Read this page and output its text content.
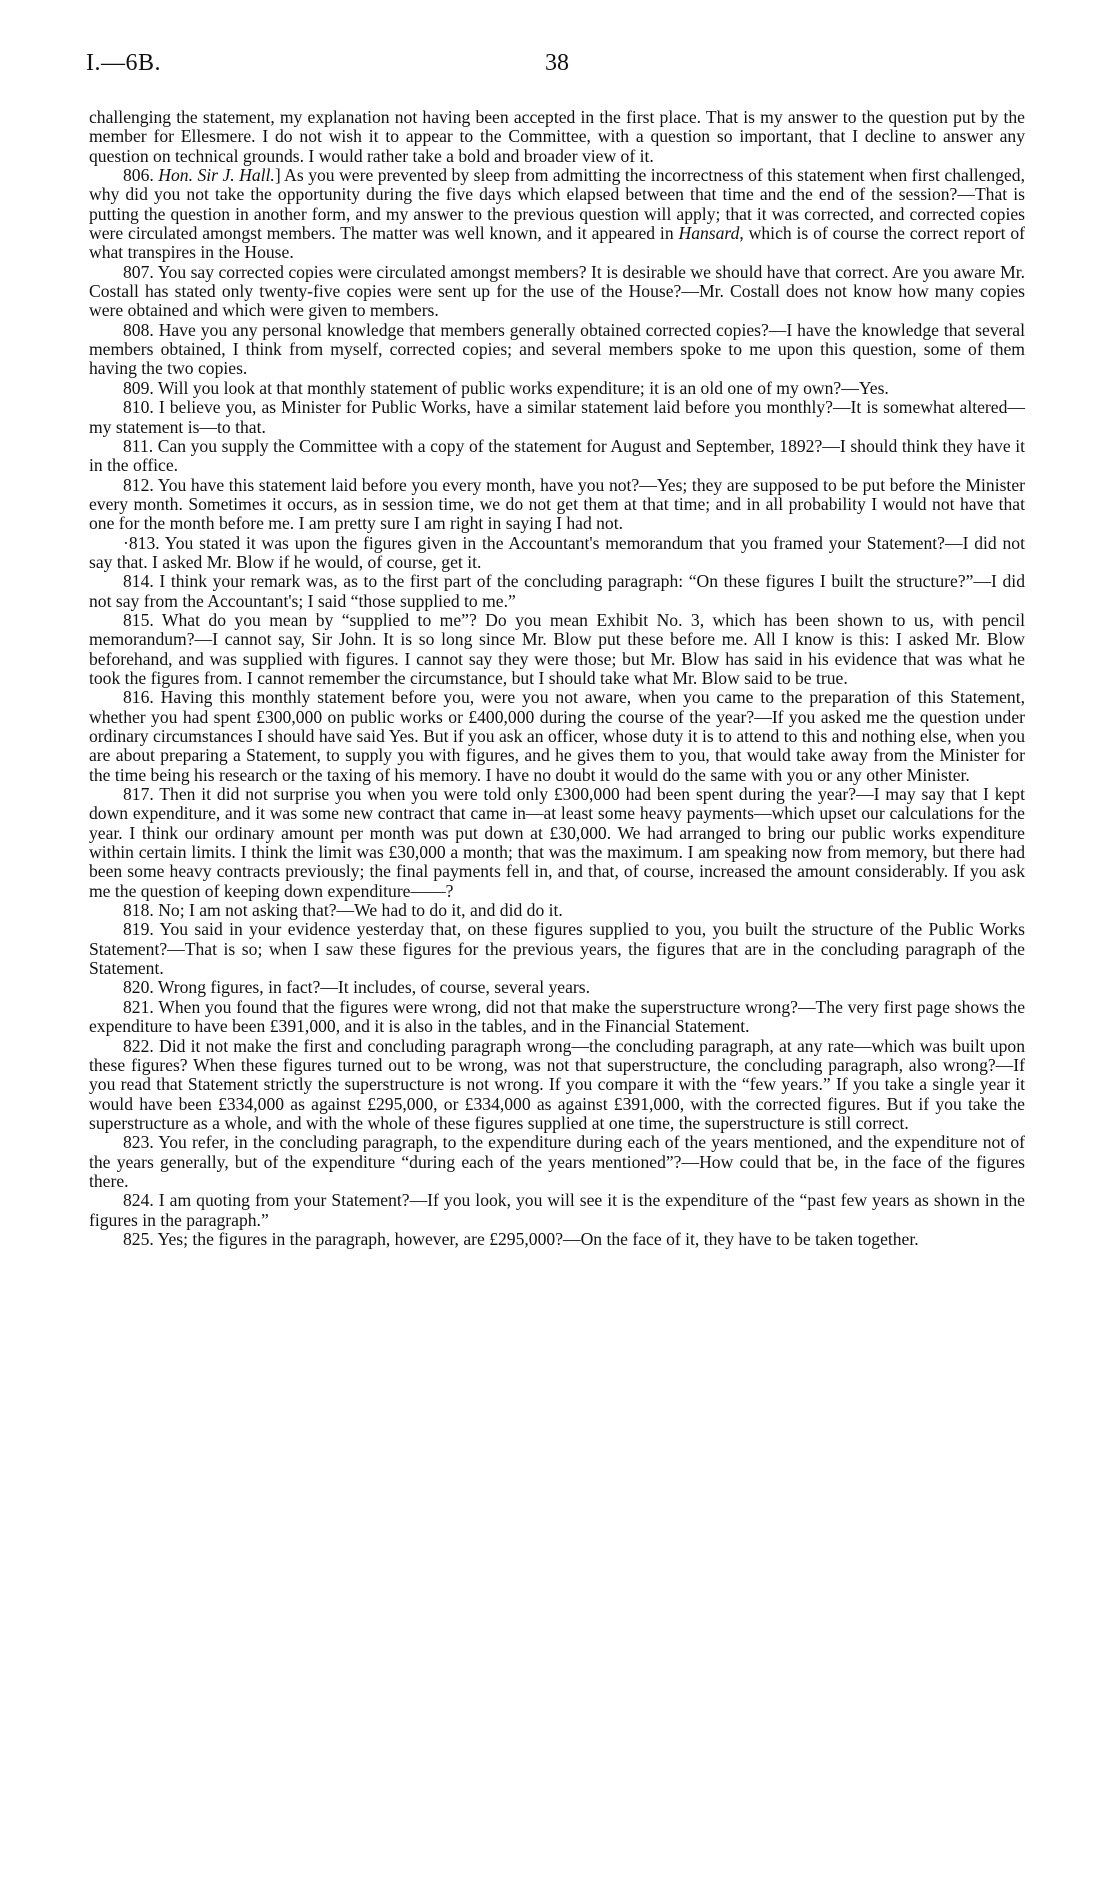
I.—6B.	38

challenging the statement, my explanation not having been accepted in the first place. That is my answer to the question put by the member for Ellesmere. I do not wish it to appear to the Committee, with a question so important, that I decline to answer any question on technical grounds. I would rather take a bold and broader view of it.

806. Hon. Sir J. Hall.] As you were prevented by sleep from admitting the incorrectness of this statement when first challenged, why did you not take the opportunity during the five days which elapsed between that time and the end of the session?—That is putting the question in another form, and my answer to the previous question will apply; that it was corrected, and corrected copies were circulated amongst members. The matter was well known, and it appeared in Hansard, which is of course the correct report of what transpires in the House.

807. You say corrected copies were circulated amongst members? It is desirable we should have that correct. Are you aware Mr. Costall has stated only twenty-five copies were sent up for the use of the House?—Mr. Costall does not know how many copies were obtained and which were given to members.

808. Have you any personal knowledge that members generally obtained corrected copies?—I have the knowledge that several members obtained, I think from myself, corrected copies; and several members spoke to me upon this question, some of them having the two copies.

809. Will you look at that monthly statement of public works expenditure; it is an old one of my own?—Yes.

810. I believe you, as Minister for Public Works, have a similar statement laid before you monthly?—It is somewhat altered—my statement is—to that.

811. Can you supply the Committee with a copy of the statement for August and September, 1892?—I should think they have it in the office.

812. You have this statement laid before you every month, have you not?—Yes; they are supposed to be put before the Minister every month. Sometimes it occurs, as in session time, we do not get them at that time; and in all probability I would not have that one for the month before me. I am pretty sure I am right in saying I had not.

·813. You stated it was upon the figures given in the Accountant's memorandum that you framed your Statement?—I did not say that. I asked Mr. Blow if he would, of course, get it.

814. I think your remark was, as to the first part of the concluding paragraph: “On these figures I built the structure?”—I did not say from the Accountant's; I said “those supplied to me.”

815. What do you mean by “supplied to me”? Do you mean Exhibit No. 3, which has been shown to us, with pencil memorandum?—I cannot say, Sir John. It is so long since Mr. Blow put these before me. All I know is this: I asked Mr. Blow beforehand, and was supplied with figures. I cannot say they were those; but Mr. Blow has said in his evidence that was what he took the figures from. I cannot remember the circumstance, but I should take what Mr. Blow said to be true.

816. Having this monthly statement before you, were you not aware, when you came to the preparation of this Statement, whether you had spent £300,000 on public works or £400,000 during the course of the year?—If you asked me the question under ordinary circumstances I should have said Yes. But if you ask an officer, whose duty it is to attend to this and nothing else, when you are about preparing a Statement, to supply you with figures, and he gives them to you, that would take away from the Minister for the time being his research or the taxing of his memory. I have no doubt it would do the same with you or any other Minister.

817. Then it did not surprise you when you were told only £300,000 had been spent during the year?—I may say that I kept down expenditure, and it was some new contract that came in—at least some heavy payments—which upset our calculations for the year. I think our ordinary amount per month was put down at £30,000. We had arranged to bring our public works expenditure within certain limits. I think the limit was £30,000 a month; that was the maximum. I am speaking now from memory, but there had been some heavy contracts previously; the final payments fell in, and that, of course, increased the amount considerably. If you ask me the question of keeping down expenditure——?

818. No; I am not asking that?—We had to do it, and did do it.

819. You said in your evidence yesterday that, on these figures supplied to you, you built the structure of the Public Works Statement?—That is so; when I saw these figures for the previous years, the figures that are in the concluding paragraph of the Statement.

820. Wrong figures, in fact?—It includes, of course, several years.

821. When you found that the figures were wrong, did not that make the superstructure wrong?—The very first page shows the expenditure to have been £391,000, and it is also in the tables, and in the Financial Statement.

822. Did it not make the first and concluding paragraph wrong—the concluding paragraph, at any rate—which was built upon these figures? When these figures turned out to be wrong, was not that superstructure, the concluding paragraph, also wrong?—If you read that Statement strictly the superstructure is not wrong. If you compare it with the “few years.” If you take a single year it would have been £334,000 as against £295,000, or £334,000 as against £391,000, with the corrected figures. But if you take the superstructure as a whole, and with the whole of these figures supplied at one time, the superstructure is still correct.

823. You refer, in the concluding paragraph, to the expenditure during each of the years mentioned, and the expenditure not of the years generally, but of the expenditure “during each of the years mentioned”?—How could that be, in the face of the figures there.

824. I am quoting from your Statement?—If you look, you will see it is the expenditure of the “past few years as shown in the figures in the paragraph.”

825. Yes; the figures in the paragraph, however, are £295,000?—On the face of it, they have to be taken together.
